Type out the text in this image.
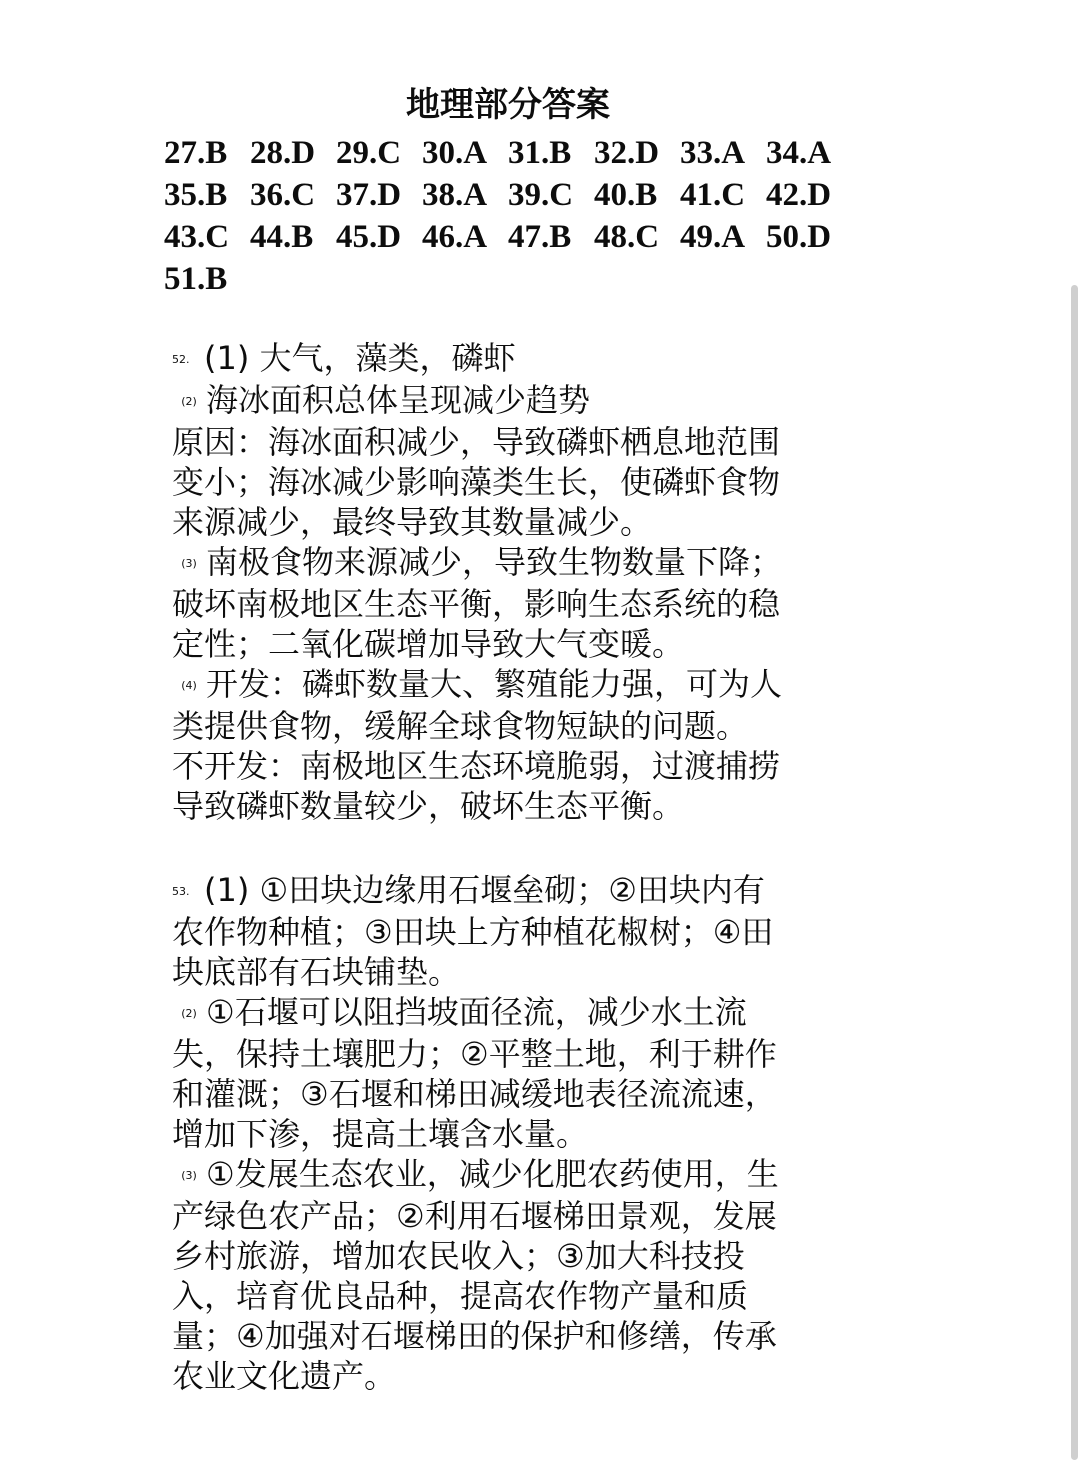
地理部分答案
27.B 28.D 29.C 30.A 31.B 32.D 33.A 34.A
35.B 36.C 37.D 38.A 39.C 40.B 41.C 42.D
43.C 44.B 45.D 46.A 47.B 48.C 49.A 50.D
51.B
52. (1) 大气，藻类，磷虾
(2) 海冰面积总体呈现减少趋势
原因：海冰面积减少，导致磷虾栖息地范围
变小；海冰减少影响藻类生长，使磷虾食物
来源减少，最终导致其数量减少。
(3) 南极食物来源减少，导致生物数量下降；
破坏南极地区生态平衡，影响生态系统的稳
定性；二氧化碳增加导致大气变暖。
(4) 开发：磷虾数量大、繁殖能力强，可为人
类提供食物，缓解全球食物短缺的问题。
不开发：南极地区生态环境脆弱，过渡捕捞
导致磷虾数量较少，破坏生态平衡。
53. (1) ①田块边缘用石堰垒砌；②田块内有
农作物种植；③田块上方种植花椒树；④田
块底部有石块铺垫。
(2) ①石堰可以阻挡坡面径流，减少水土流
失，保持土壤肥力；②平整土地，利于耕作
和灌溉；③石堰和梯田减缓地表径流流速，
增加下渗，提高土壤含水量。
(3) ①发展生态农业，减少化肥农药使用，生
产绿色农产品；②利用石堰梯田景观，发展
乡村旅游，增加农民收入；③加大科技投
入，培育优良品种，提高农作物产量和质
量；④加强对石堰梯田的保护和修缮，传承
农业文化遗产。
